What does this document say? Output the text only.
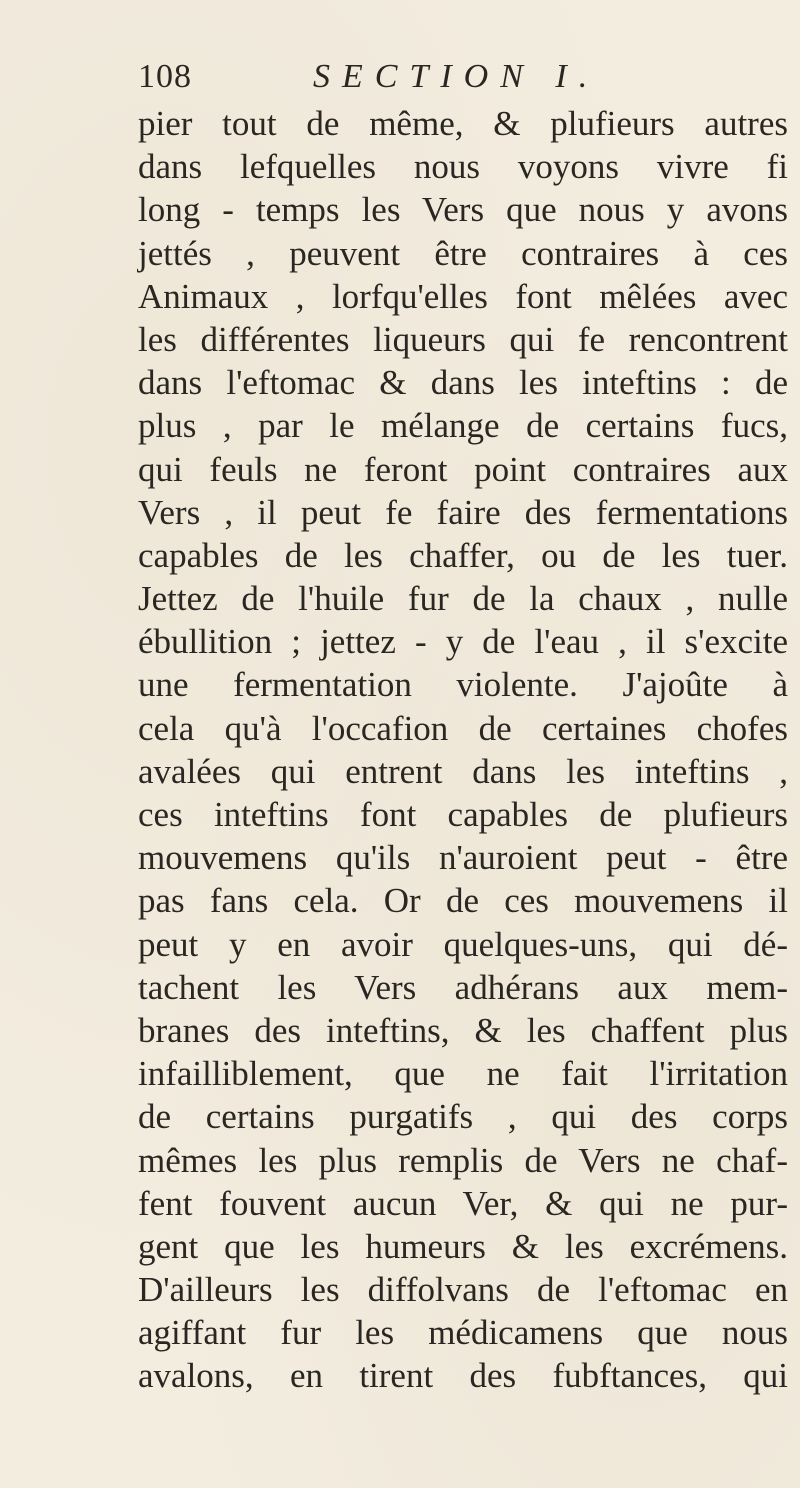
108	SECTION I.
pier tout de même, & plufieurs autres
dans lefquelles nous voyons vivre fi
long - temps les Vers que nous y avons
jettés , peuvent être contraires à ces
Animaux , lorfqu'elles font mêlées avec
les différentes liqueurs qui fe rencontrent
dans l'eftomac & dans les inteftins : de
plus , par le mélange de certains fucs,
qui feuls ne feront point contraires aux
Vers , il peut fe faire des fermentations
capables de les chaffer, ou de les tuer.
Jettez de l'huile fur de la chaux , nulle
ébullition ; jettez - y de l'eau , il s'excite
une fermentation violente. J'ajoûte à
cela qu'à l'occafion de certaines chofes
avalées qui entrent dans les inteftins ,
ces inteftins font capables de plufieurs
mouvemens qu'ils n'auroient peut - être
pas fans cela. Or de ces mouvemens il
peut y en avoir quelques-uns, qui dé-
tachent les Vers adhérans aux mem-
branes des inteftins, & les chaffent plus
infailliblement, que ne fait l'irritation
de certains purgatifs , qui des corps
mêmes les plus remplis de Vers ne chaf-
fent fouvent aucun Ver, & qui ne pur-
gent que les humeurs & les excrémens.
D'ailleurs les diffolvans de l'eftomac en
agiffant fur les médicamens que nous
avalons, en tirent des fubftances, qui
